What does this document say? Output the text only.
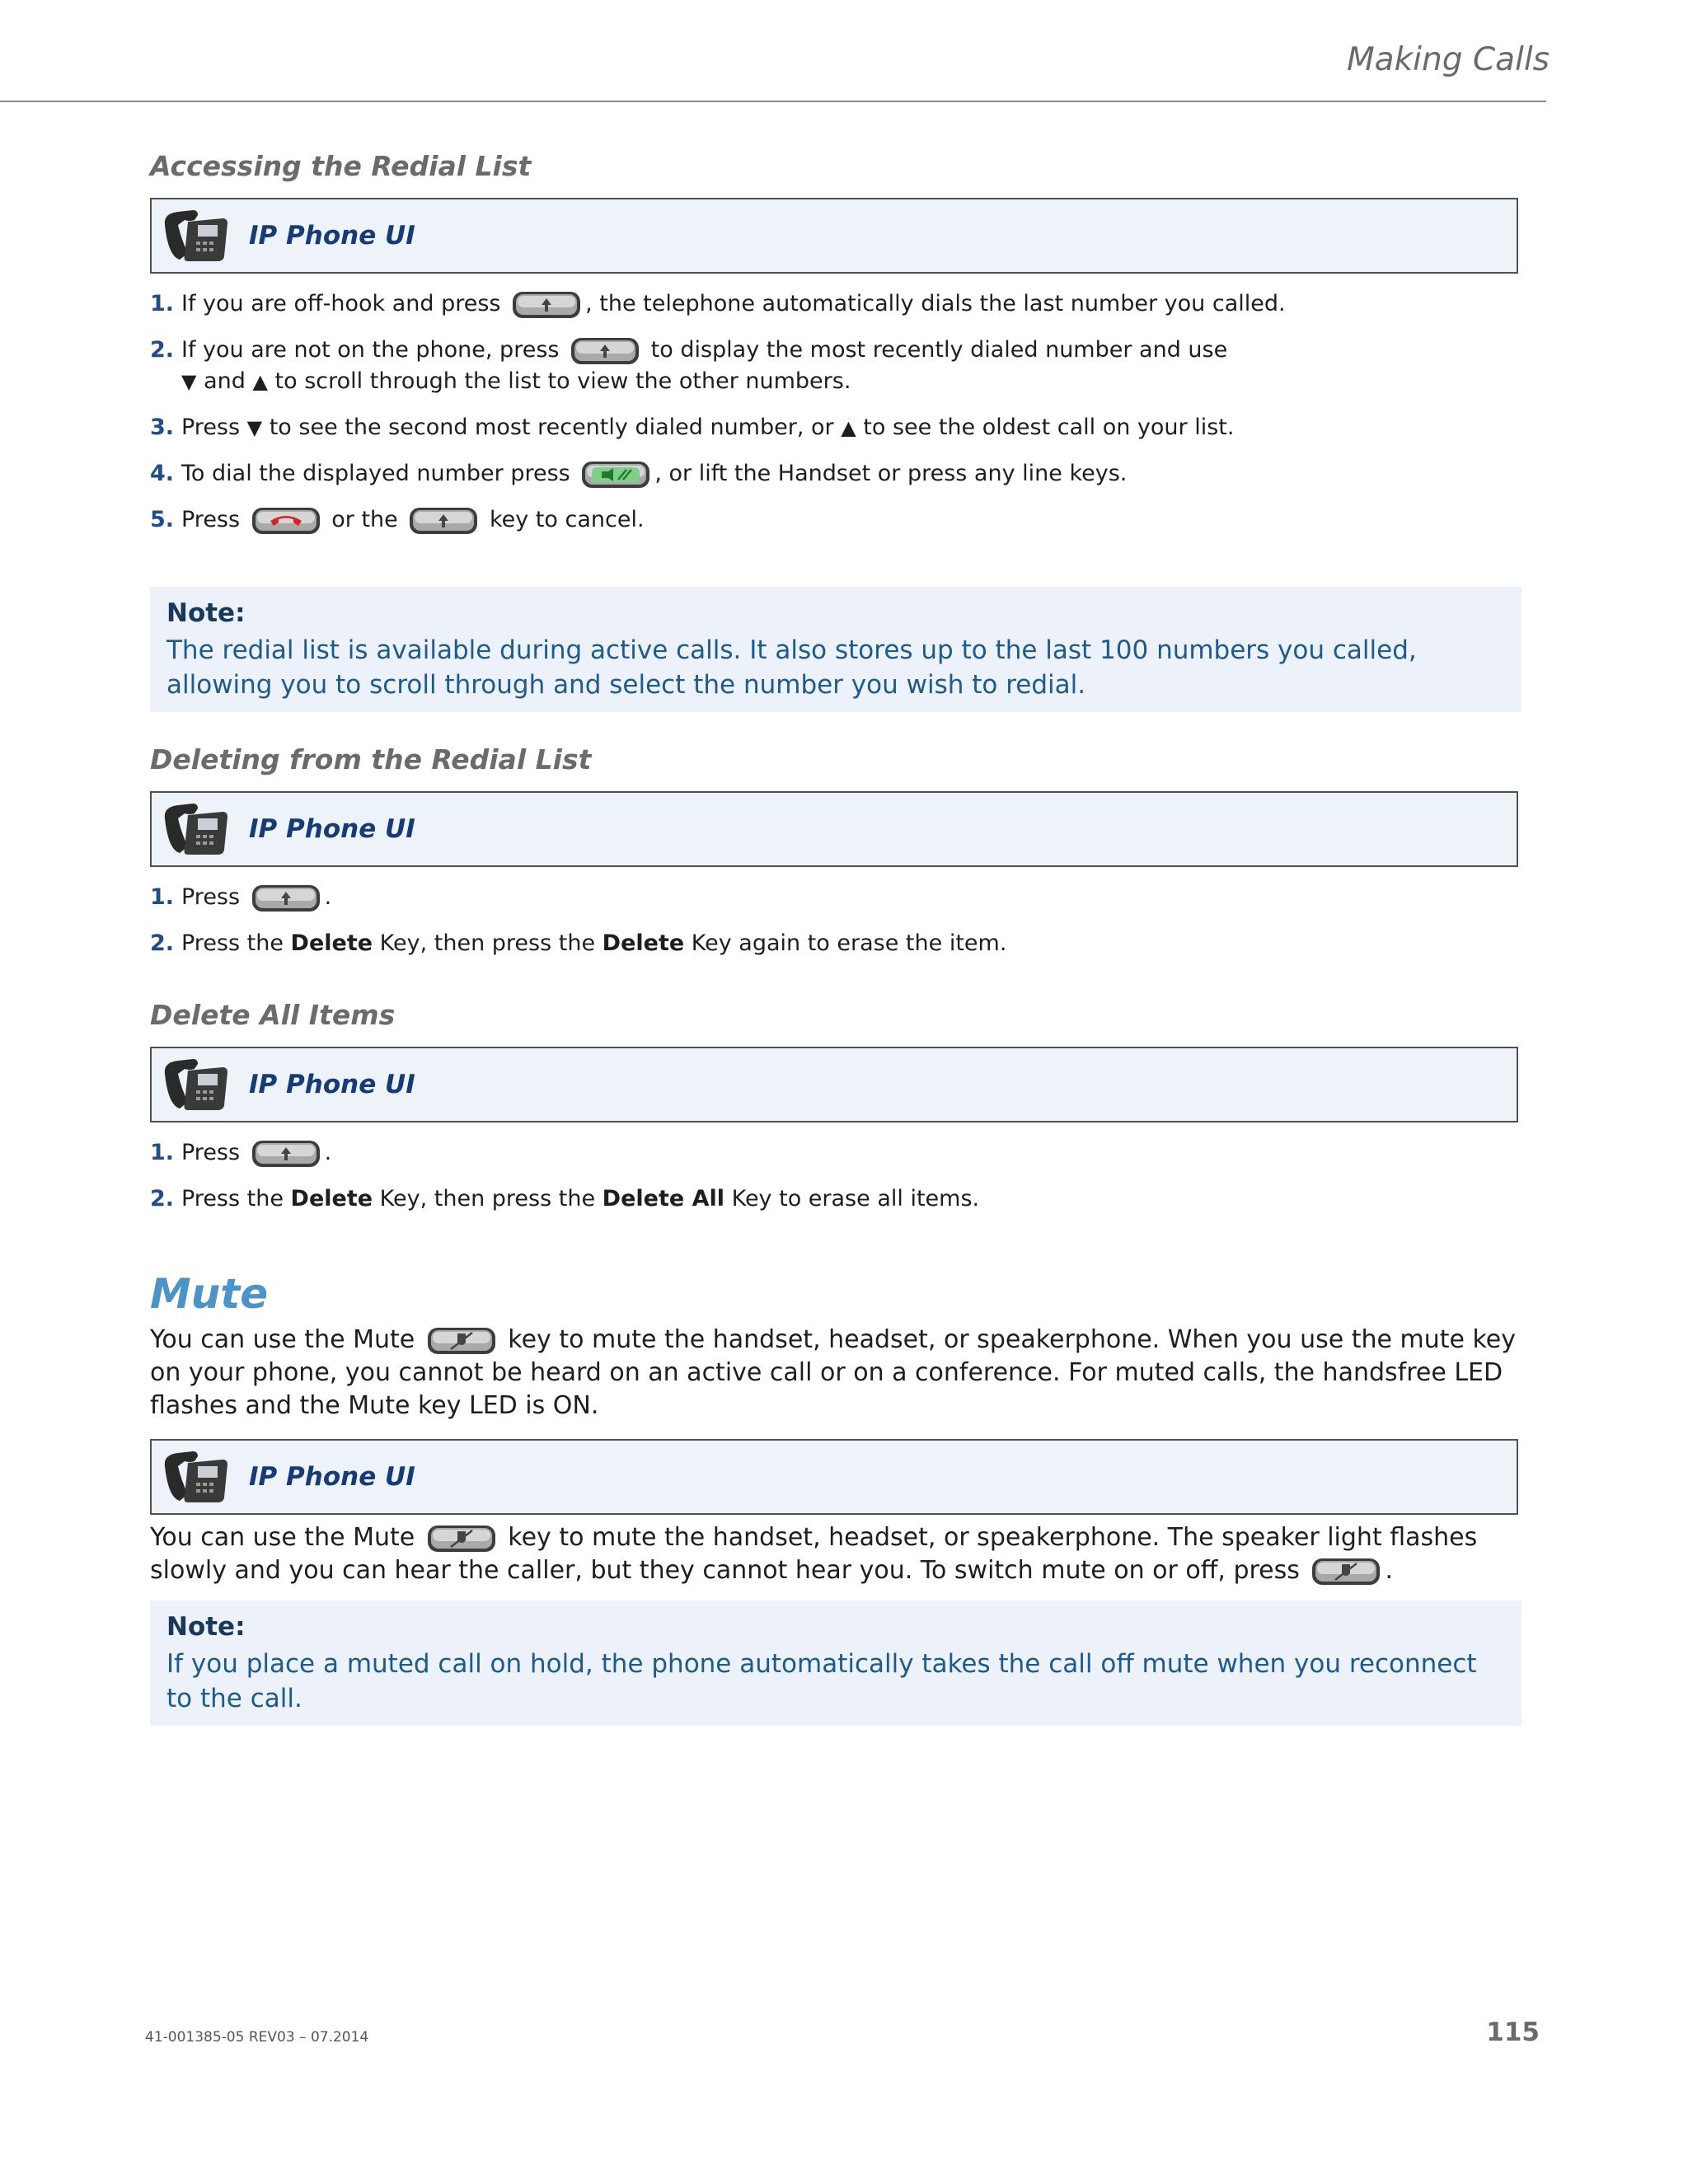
Making Calls
Accessing the Redial List
IP Phone UI
1. If you are off-hook and press	, the telephone automatically dials the last number you called.
2. If you are not on the phone, press	to display the most recently dialed number and use
▼ and ▲ to scroll through the list to view the other numbers.
3. Press ▼ to see the second most recently dialed number, or ▲ to see the oldest call on your list.
4. To dial the displayed number press	, or lift the Handset or press any line keys.
5. Press	or the	key to cancel.
Note:
The redial list is available during active calls. It also stores up to the last 100 numbers you called, allowing you to scroll through and select the number you wish to redial.
Deleting from the Redial List
IP Phone UI
1. Press	.
2. Press the Delete Key, then press the Delete Key again to erase the item.
Delete All Items
IP Phone UI
1. Press	.
2. Press the Delete Key, then press the Delete All Key to erase all items.
Mute
You can use the Mute	key to mute the handset, headset, or speakerphone. When you use the mute key on your phone, you cannot be heard on an active call or on a conference. For muted calls, the handsfree LED flashes and the Mute key LED is ON.
IP Phone UI
You can use the Mute	key to mute the handset, headset, or speakerphone. The speaker light flashes slowly and you can hear the caller, but they cannot hear you. To switch mute on or off, press	.
Note:
If you place a muted call on hold, the phone automatically takes the call off mute when you reconnect to the call.
41-001385-05 REV03 – 07.2014	115
